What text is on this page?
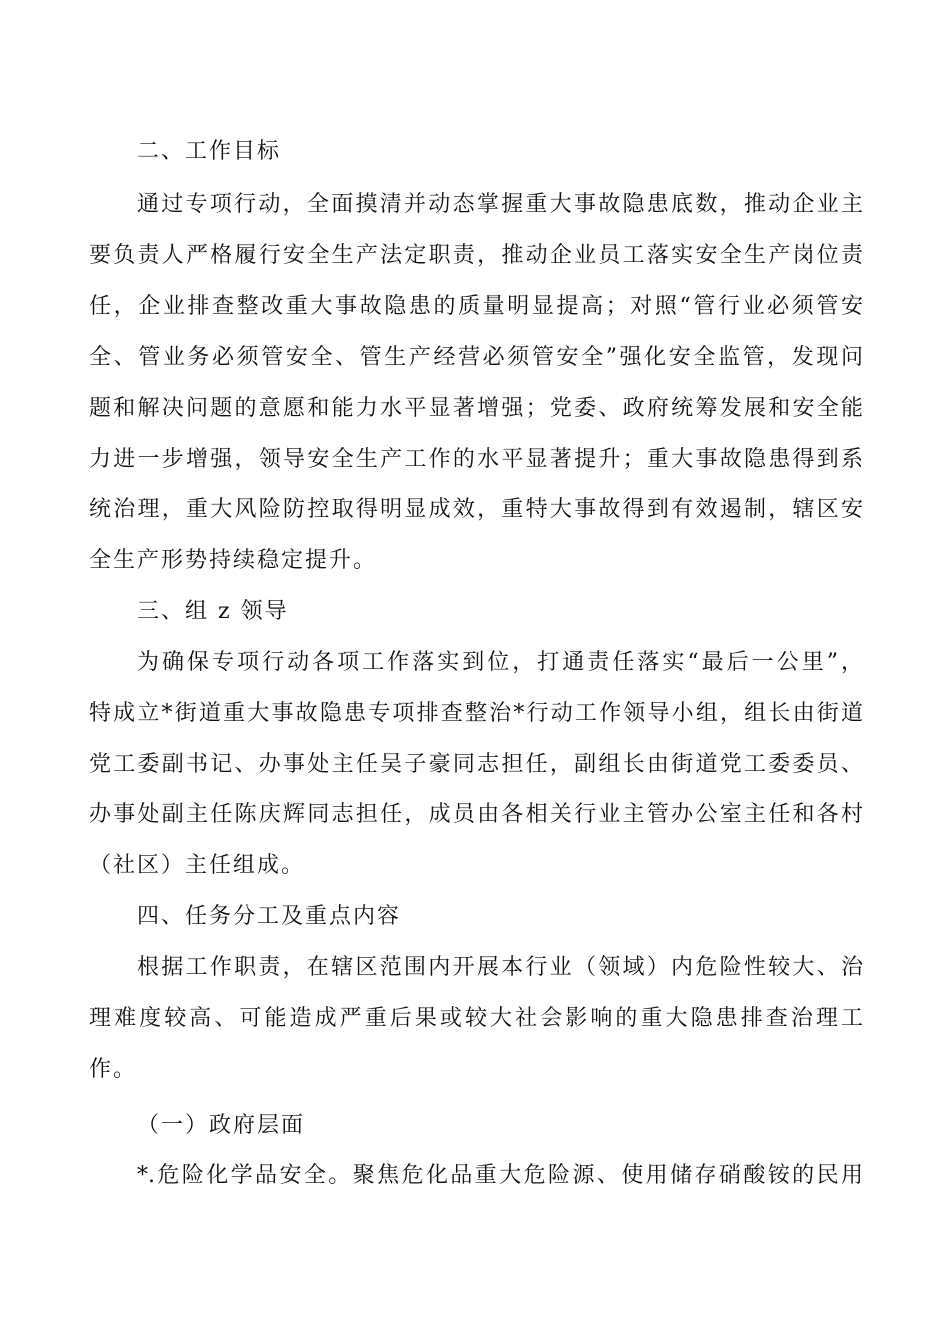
二、工作目标
通过专项行动，全面摸清并动态掌握重大事故隐患底数，推动企业主
要负责人严格履行安全生产法定职责，推动企业员工落实安全生产岗位责
任，企业排查整改重大事故隐患的质量明显提高；对照“管行业必须管安
全、管业务必须管安全、管生产经营必须管安全”强化安全监管，发现问
题和解决问题的意愿和能力水平显著增强；党委、政府统筹发展和安全能
力进一步增强，领导安全生产工作的水平显著提升；重大事故隐患得到系
统治理，重大风险防控取得明显成效，重特大事故得到有效遏制，辖区安
全生产形势持续稳定提升。
三、组 z 领导
为确保专项行动各项工作落实到位，打通责任落实“最后一公里”，
特成立*街道重大事故隐患专项排查整治*行动工作领导小组，组长由街道
党工委副书记、办事处主任吴子豪同志担任，副组长由街道党工委委员、
办事处副主任陈庆辉同志担任，成员由各相关行业主管办公室主任和各村
（社区）主任组成。
四、任务分工及重点内容
根据工作职责，在辖区范围内开展本行业（领域）内危险性较大、治
理难度较高、可能造成严重后果或较大社会影响的重大隐患排查治理工
作。
（一）政府层面
*.危险化学品安全。聚焦危化品重大危险源、使用储存硝酸铵的民用
